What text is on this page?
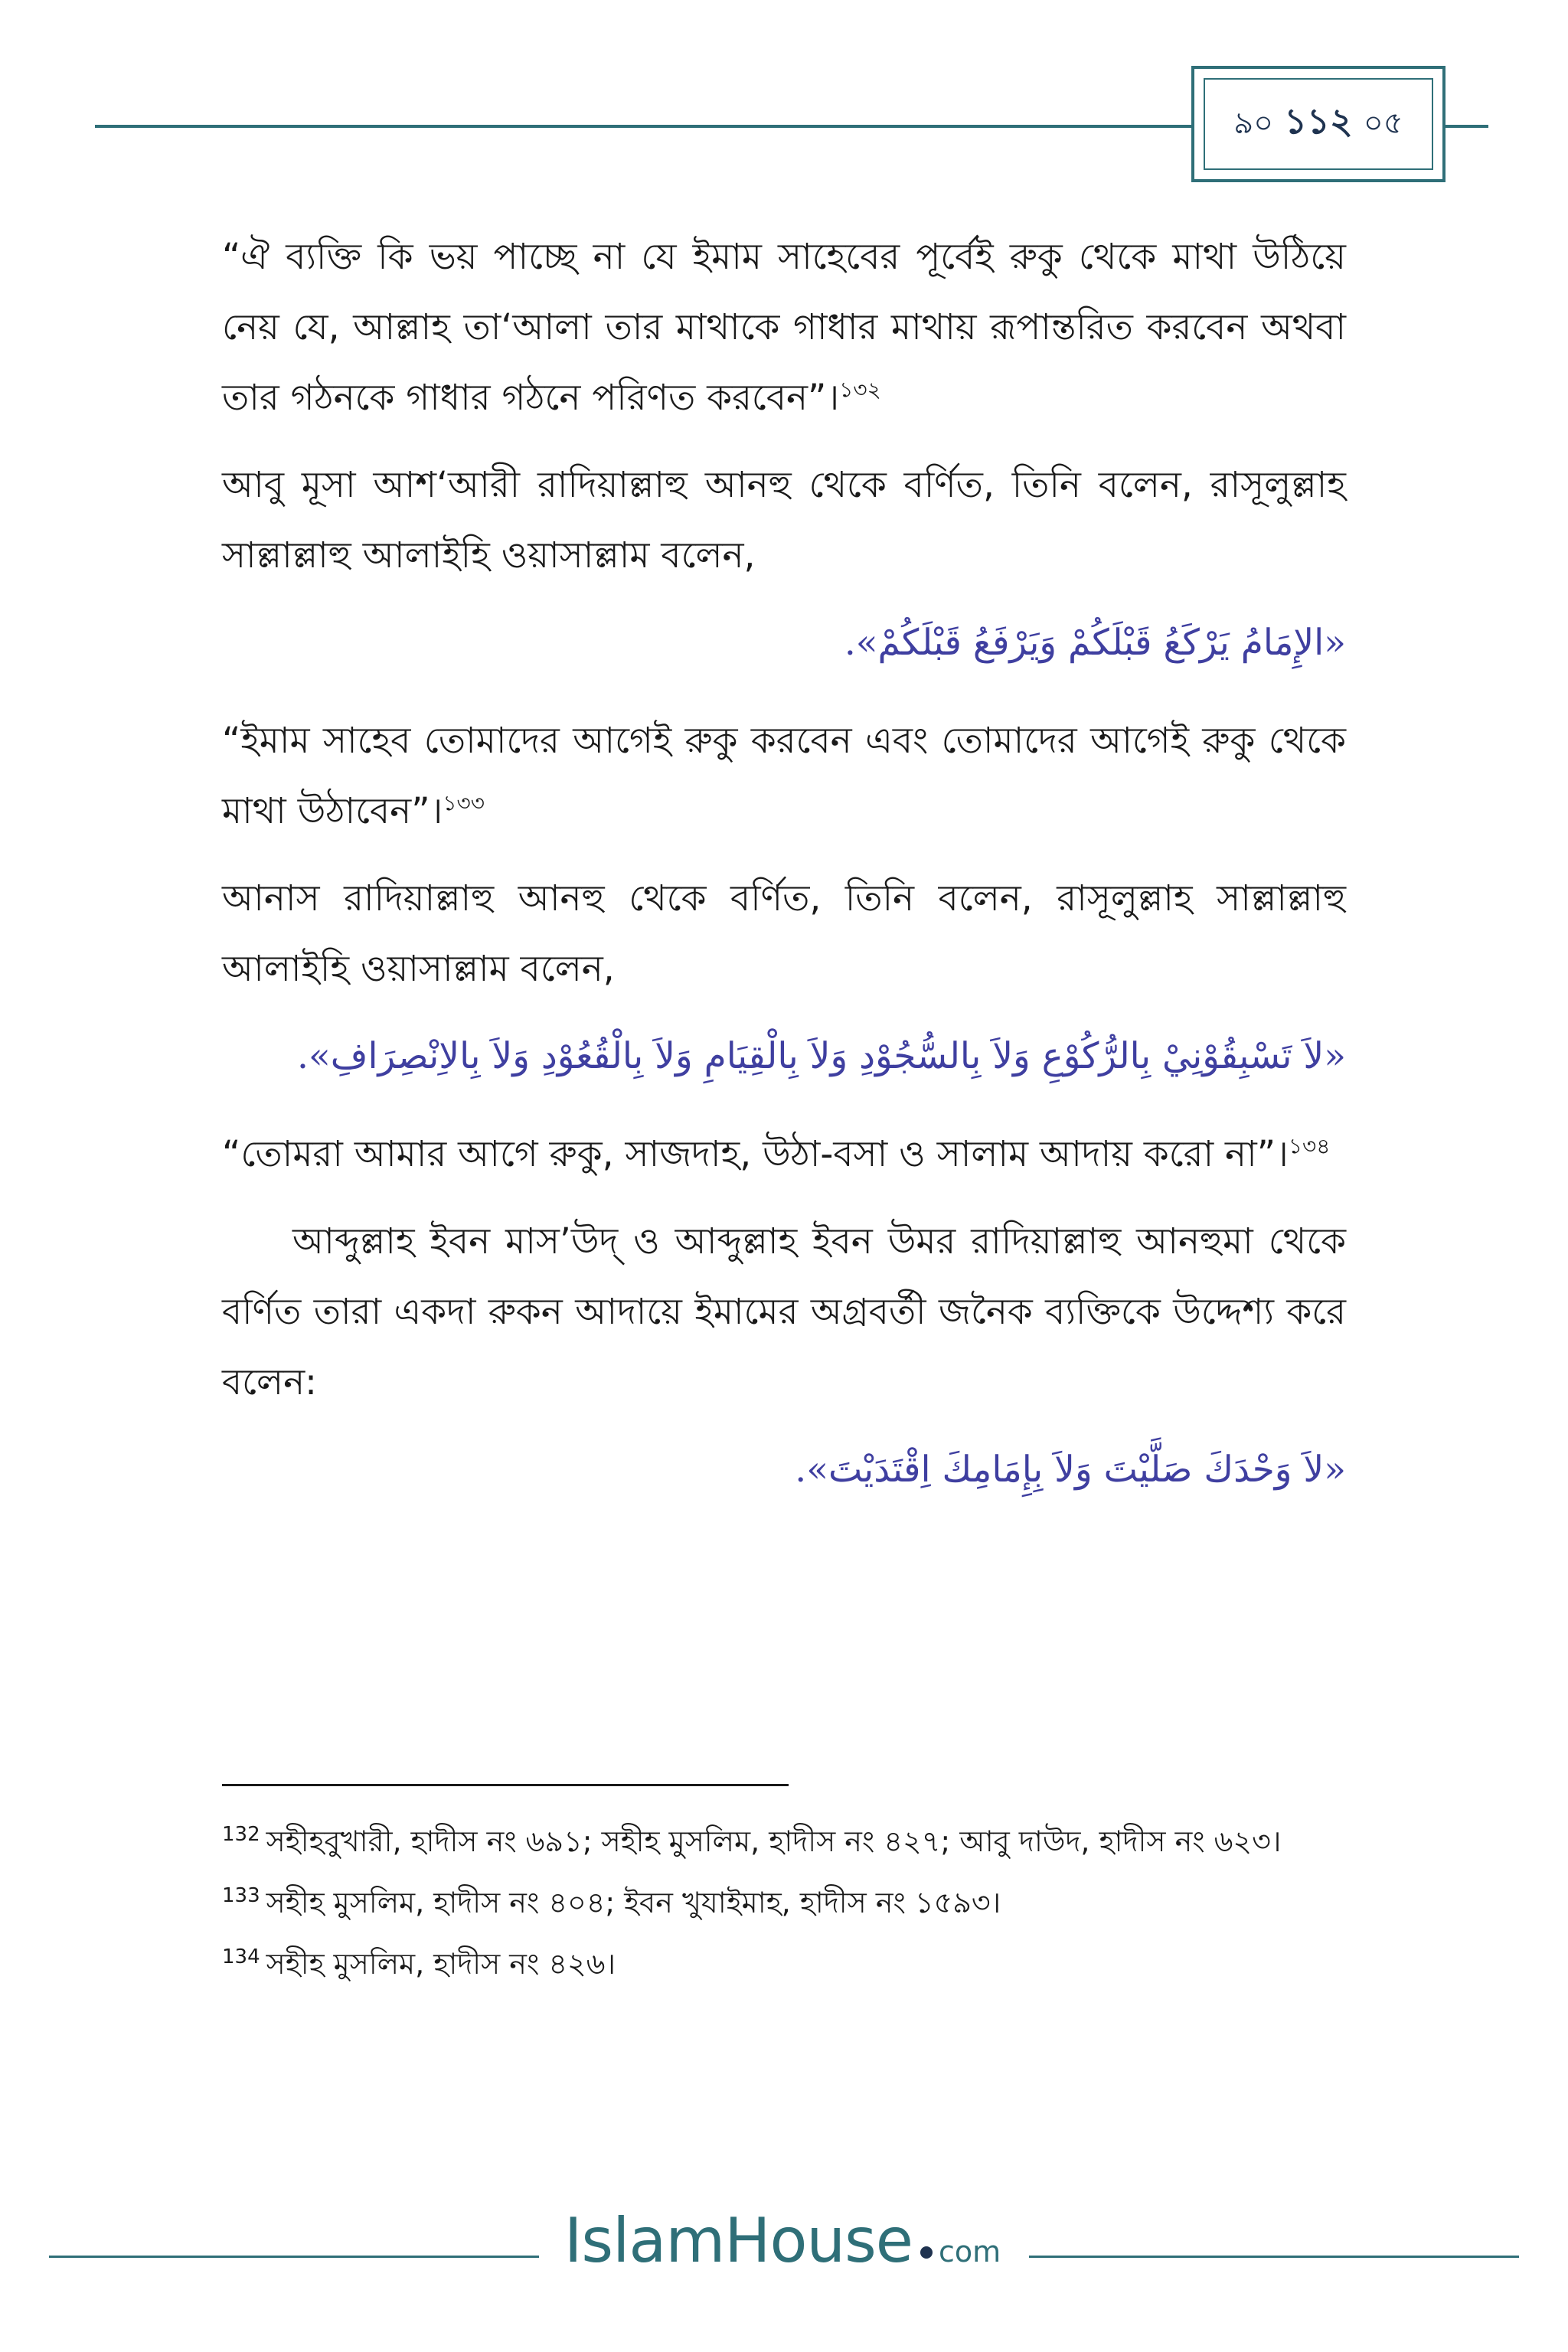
৯০ ১১২ ০৫

“ঐ ব্যক্তি কি ভয় পাচ্ছে না যে ইমাম সাহেবের পূর্বেই রুকু থেকে মাথা উঠিয়ে নেয় যে, আল্লাহ তা‘আলা তার মাথাকে গাধার মাথায় রূপান্তরিত করবেন অথবা তার গঠনকে গাধার গঠনে পরিণত করবেন”।$^{১৩২}$

আবু মূসা আশ‘আরী রাদিয়াল্লাহু আনহু থেকে বর্ণিত, তিনি বলেন, রাসূলুল্লাহ সাল্লাল্লাহু আলাইহি ওয়াসাল্লাম বলেন,

«الإِمَامُ يَرْكَعُ قَبْلَكُمْ وَيَرْفَعُ قَبْلَكُمْ».

“ইমাম সাহেব তোমাদের আগেই রুকু করবেন এবং তোমাদের আগেই রুকু থেকে মাথা উঠাবেন”।$^{১৩৩}$

আনাস রাদিয়াল্লাহু আনহু থেকে বর্ণিত, তিনি বলেন, রাসূলুল্লাহ সাল্লাল্লাহু আলাইহি ওয়াসাল্লাম বলেন,

«لاَ تَسْبِقُوْنِيْ بِالرُّكُوْعِ وَلاَ بِالسُّجُوْدِ وَلاَ بِالْقِيَامِ وَلاَ بِالْقُعُوْدِ وَلاَ بِالاِنْصِرَافِ».

“তোমরা আমার আগে রুকু, সাজদাহ, উঠা-বসা ও সালাম আদায় করো না”।$^{১৩৪}$

আব্দুল্লাহ ইবন মাস’উদ্‌ ও আব্দুল্লাহ ইবন উমর রাদিয়াল্লাহু আনহুমা থেকে বর্ণিত তারা একদা রুকন আদায়ে ইমামের অগ্রবর্তী জনৈক ব্যক্তিকে উদ্দেশ্য করে বলেন:

«لاَ وَحْدَكَ صَلَّيْتَ وَلاَ بِإِمَامِكَ اِقْتَدَيْتَ».

$^{132}$ সহীহবুখারী, হাদীস নং ৬৯১; সহীহ মুসলিম, হাদীস নং ৪২৭; আবু দাউদ, হাদীস নং ৬২৩।

$^{133}$ সহীহ মুসলিম, হাদীস নং ৪০৪; ইবন খুযাইমাহ, হাদীস নং ১৫৯৩।

$^{134}$ সহীহ মুসলিম, হাদীস নং ৪২৬।

IslamHouse com
